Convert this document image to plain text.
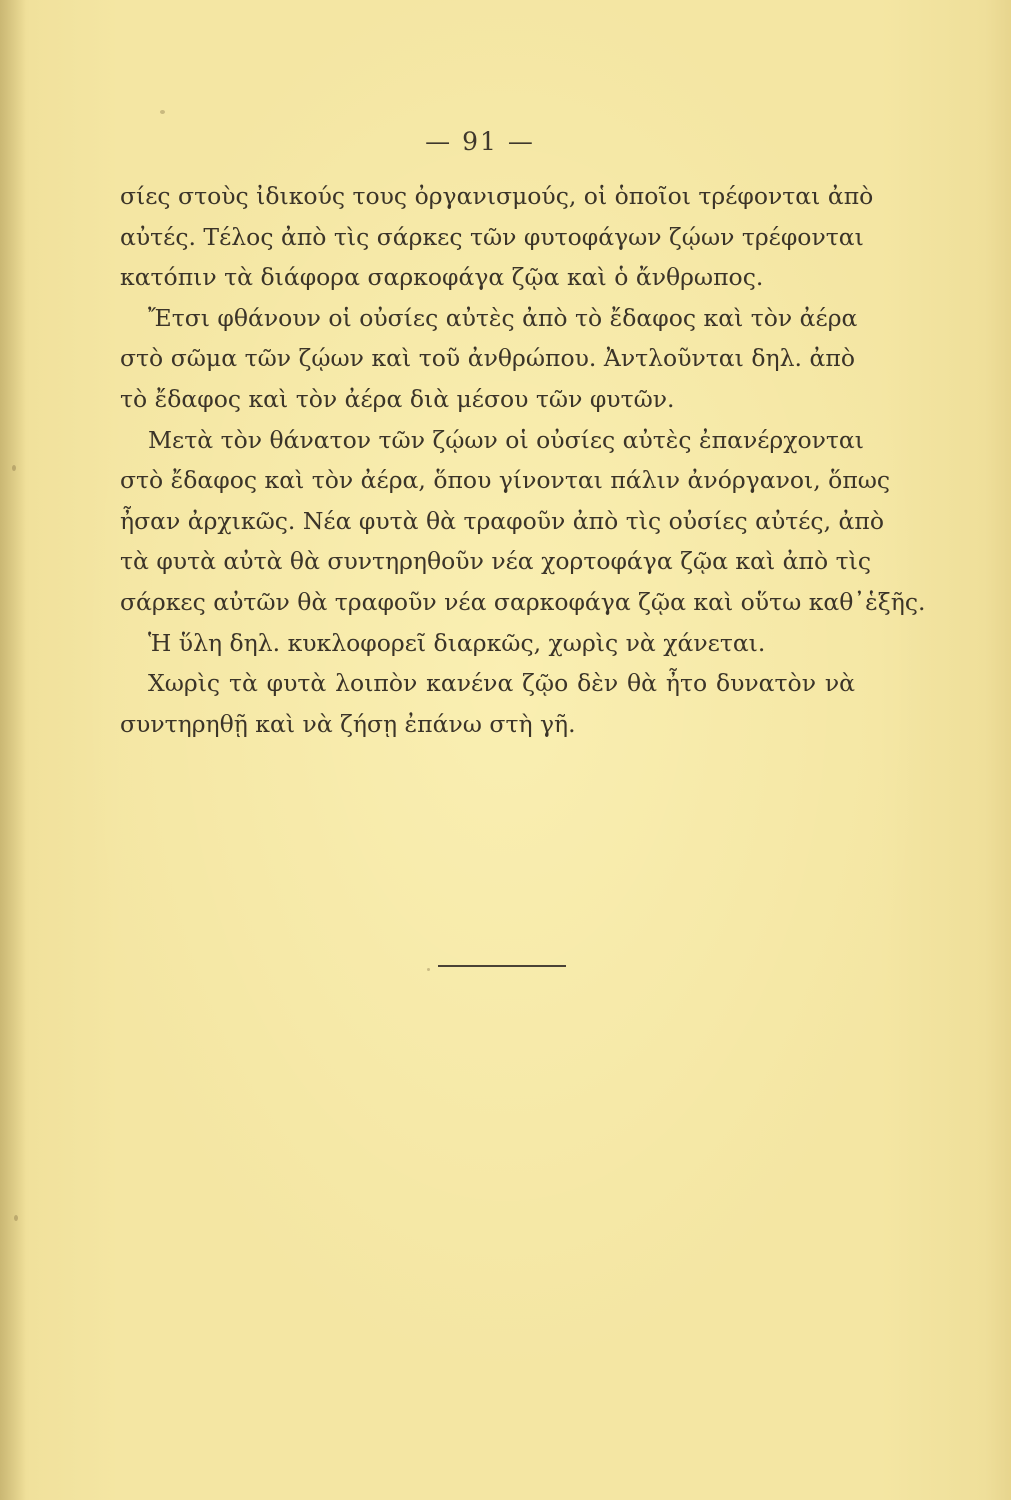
— 91 —
σίες στοὺς ἰδικούς τους ὀργανισμούς, οἱ ὁποῖοι τρέφονται ἀπὸ
αὐτές. Τέλος ἀπὸ τὶς σάρκες τῶν φυτοφάγων ζῴων τρέφονται
κατόπιν τὰ διάφορα σαρκοφάγα ζῷα καὶ ὁ ἄνθρωπος.
Ἔτσι φθάνουν οἱ οὐσίες αὐτὲς ἀπὸ τὸ ἔδαφος καὶ τὸν ἀέρα
στὸ σῶμα τῶν ζῴων καὶ τοῦ ἀνθρώπου. Ἀντλοῦνται δηλ. ἀπὸ
τὸ ἔδαφος καὶ τὸν ἀέρα διὰ μέσου τῶν φυτῶν.
Μετὰ τὸν θάνατον τῶν ζῴων οἱ οὐσίες αὐτὲς ἐπανέρχονται
στὸ ἔδαφος καὶ τὸν ἀέρα, ὅπου γίνονται πάλιν ἀνόργανοι, ὅπως
ἦσαν ἀρχικῶς. Νέα φυτὰ θὰ τραφοῦν ἀπὸ τὶς οὐσίες αὐτές, ἀπὸ
τὰ φυτὰ αὐτὰ θὰ συντηρηθοῦν νέα χορτοφάγα ζῷα καὶ ἀπὸ τὶς
σάρκες αὐτῶν θὰ τραφοῦν νέα σαρκοφάγα ζῷα καὶ οὕτω καθ᾽ἑξῆς.
Ἡ ὕλη δηλ. κυκλοφορεῖ διαρκῶς, χωρὶς νὰ χάνεται.
Χωρὶς τὰ φυτὰ λοιπὸν κανένα ζῷο δὲν θὰ ἦτο δυνατὸν νὰ
συντηρηθῇ καὶ νὰ ζήσῃ ἐπάνω στὴ γῆ.
